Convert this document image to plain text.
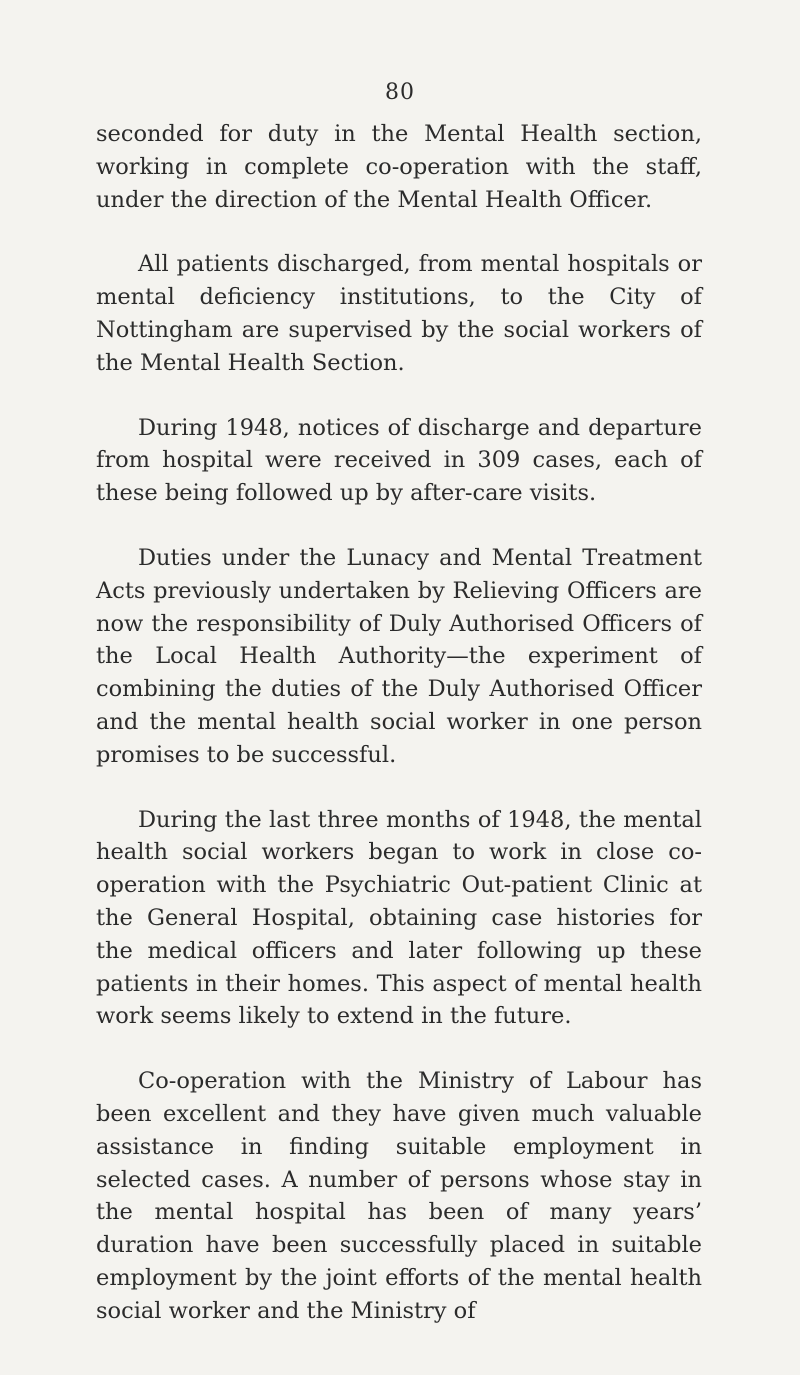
80

seconded for duty in the Mental Health section, working in complete co-operation with the staff, under the direction of the Mental Health Officer.

All patients discharged, from mental hospitals or mental deficiency institutions, to the City of Nottingham are supervised by the social workers of the Mental Health Section.

During 1948, notices of discharge and departure from hospital were received in 309 cases, each of these being followed up by after-care visits.

Duties under the Lunacy and Mental Treatment Acts previously undertaken by Relieving Officers are now the responsibility of Duly Authorised Officers of the Local Health Authority—the experiment of combining the duties of the Duly Authorised Officer and the mental health social worker in one person promises to be successful.

During the last three months of 1948, the mental health social workers began to work in close co-operation with the Psychiatric Out-patient Clinic at the General Hospital, obtaining case histories for the medical officers and later following up these patients in their homes. This aspect of mental health work seems likely to extend in the future.

Co-operation with the Ministry of Labour has been excellent and they have given much valuable assistance in finding suitable employment in selected cases. A number of persons whose stay in the mental hospital has been of many years’ duration have been successfully placed in suitable employment by the joint efforts of the mental health social worker and the Ministry of
